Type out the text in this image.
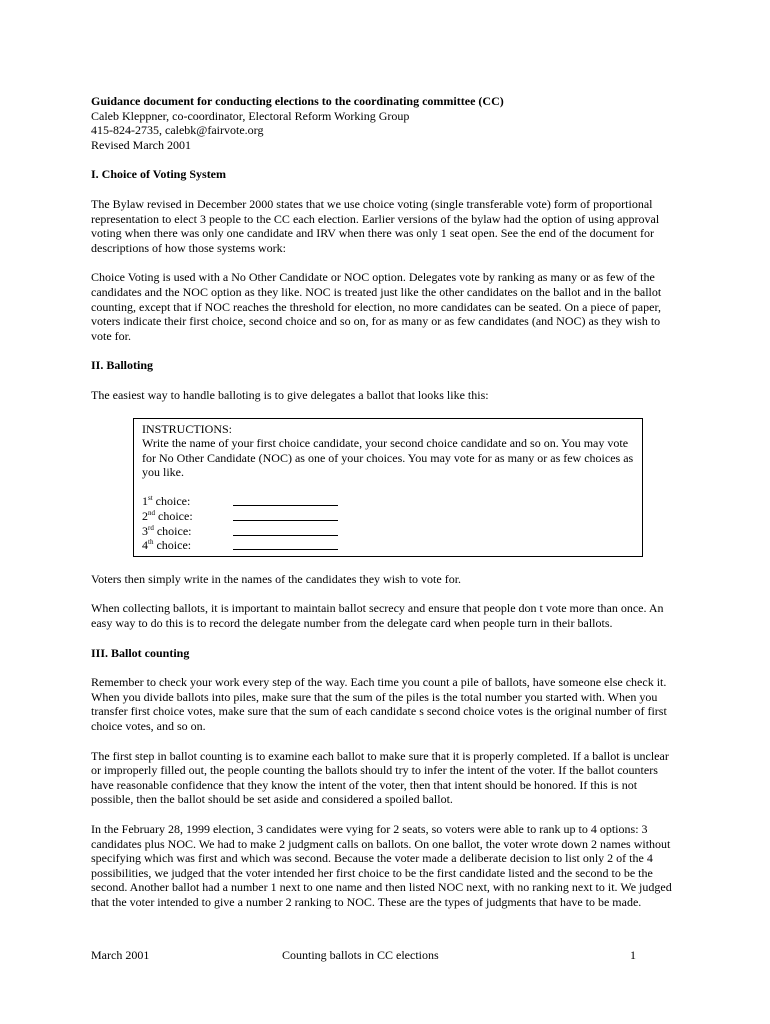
Guidance document for conducting elections to the coordinating committee (CC)

Caleb Kleppner, co-coordinator, Electoral Reform Working Group

415-824-2735, calebk@fairvote.org

Revised March 2001

I. Choice of Voting System

The Bylaw revised in December 2000 states that we use choice voting (single transferable vote) form of proportional representation to elect 3 people to the CC each election. Earlier versions of the bylaw had the option of using approval voting when there was only one candidate and IRV when there was only 1 seat open. See the end of the document for descriptions of how those systems work:

Choice Voting is used with a No Other Candidate or NOC option. Delegates vote by ranking as many or as few of the candidates and the NOC option as they like. NOC is treated just like the other candidates on the ballot and in the ballot counting, except that if NOC reaches the threshold for election, no more candidates can be seated. On a piece of paper, voters indicate their first choice, second choice and so on, for as many or as few candidates (and NOC) as they wish to vote for.

II. Balloting

The easiest way to handle balloting is to give delegates a ballot that looks like this:

INSTRUCTIONS:

Write the name of your first choice candidate, your second choice candidate and so on. You may vote for No Other Candidate (NOC) as one of your choices. You may vote for as many or as few choices as you like.

1st choice:
2nd choice:
3rd choice:
4th choice:

Voters then simply write in the names of the candidates they wish to vote for.

When collecting ballots, it is important to maintain ballot secrecy and ensure that people don t vote more than once. An easy way to do this is to record the delegate number from the delegate card when people turn in their ballots.

III. Ballot counting

Remember to check your work every step of the way. Each time you count a pile of ballots, have someone else check it. When you divide ballots into piles, make sure that the sum of the piles is the total number you started with. When you transfer first choice votes, make sure that the sum of each candidate s second choice votes is the original number of first choice votes, and so on.

The first step in ballot counting is to examine each ballot to make sure that it is properly completed. If a ballot is unclear or improperly filled out, the people counting the ballots should try to infer the intent of the voter. If the ballot counters have reasonable confidence that they know the intent of the voter, then that intent should be honored. If this is not possible, then the ballot should be set aside and considered a spoiled ballot.

In the February 28, 1999 election, 3 candidates were vying for 2 seats, so voters were able to rank up to 4 options: 3 candidates plus NOC. We had to make 2 judgment calls on ballots. On one ballot, the voter wrote down 2 names without specifying which was first and which was second. Because the voter made a deliberate decision to list only 2 of the 4 possibilities, we judged that the voter intended her first choice to be the first candidate listed and the second to be the second. Another ballot had a number 1 next to one name and then listed NOC next, with no ranking next to it. We judged that the voter intended to give a number 2 ranking to NOC. These are the types of judgments that have to be made.

March 2001	Counting ballots in CC elections	1
